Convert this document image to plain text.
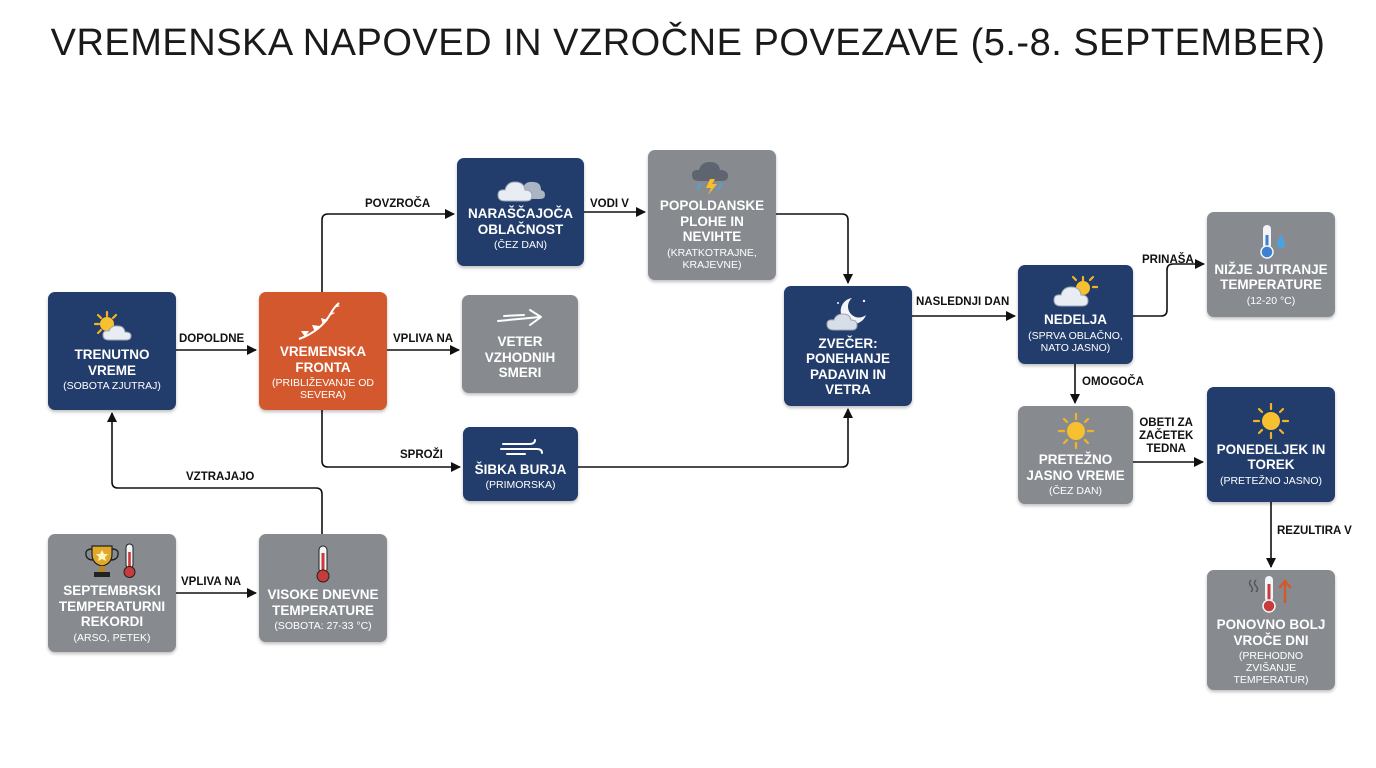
VREMENSKA NAPOVED IN VZROČNE POVEZAVE (5.-8. SEPTEMBER)
DOPOLDNE
POVZROČA	VODI V
VPLIVA NA
SPROŽI
NASLEDNJI DAN
PRINAŠA
OMOGOČA
OBETI ZA
ZAČETEK
TEDNA
REZULTIRA V
VZTRAJAJO
VPLIVA NA
TRENUTNO
VREME
(SOBOTA ZJUTRAJ)
VREMENSKA
FRONTA
(PRIBLIŽEVANJE OD
SEVERA)
NARAŠČAJOČA
OBLAČNOST
(ČEZ DAN)
POPOLDANSKE
PLOHE IN
NEVIHTE
(KRATKOTRAJNE,
KRAJEVNE)
VETER
VZHODNIH
SMERI
ŠIBKA BURJA
(PRIMORSKA)
ZVEČER:
PONEHANJE
PADAVIN IN
VETRA
NEDELJA
(SPRVA OBLAČNO,
NATO JASNO)
NIŽJE JUTRANJE
TEMPERATURE
(12-20 °C)
PRETEŽNO
JASNO VREME
(ČEZ DAN)
PONEDELJEK IN
TOREK
(PRETEŽNO JASNO)
PONOVNO BOLJ
VROČE DNI
(PREHODNO ZVIŠANJE
TEMPERATUR)
SEPTEMBRSKI
TEMPERATURNI
REKORDI
(ARSO, PETEK)
VISOKE DNEVNE
TEMPERATURE
(SOBOTA: 27-33 °C)
